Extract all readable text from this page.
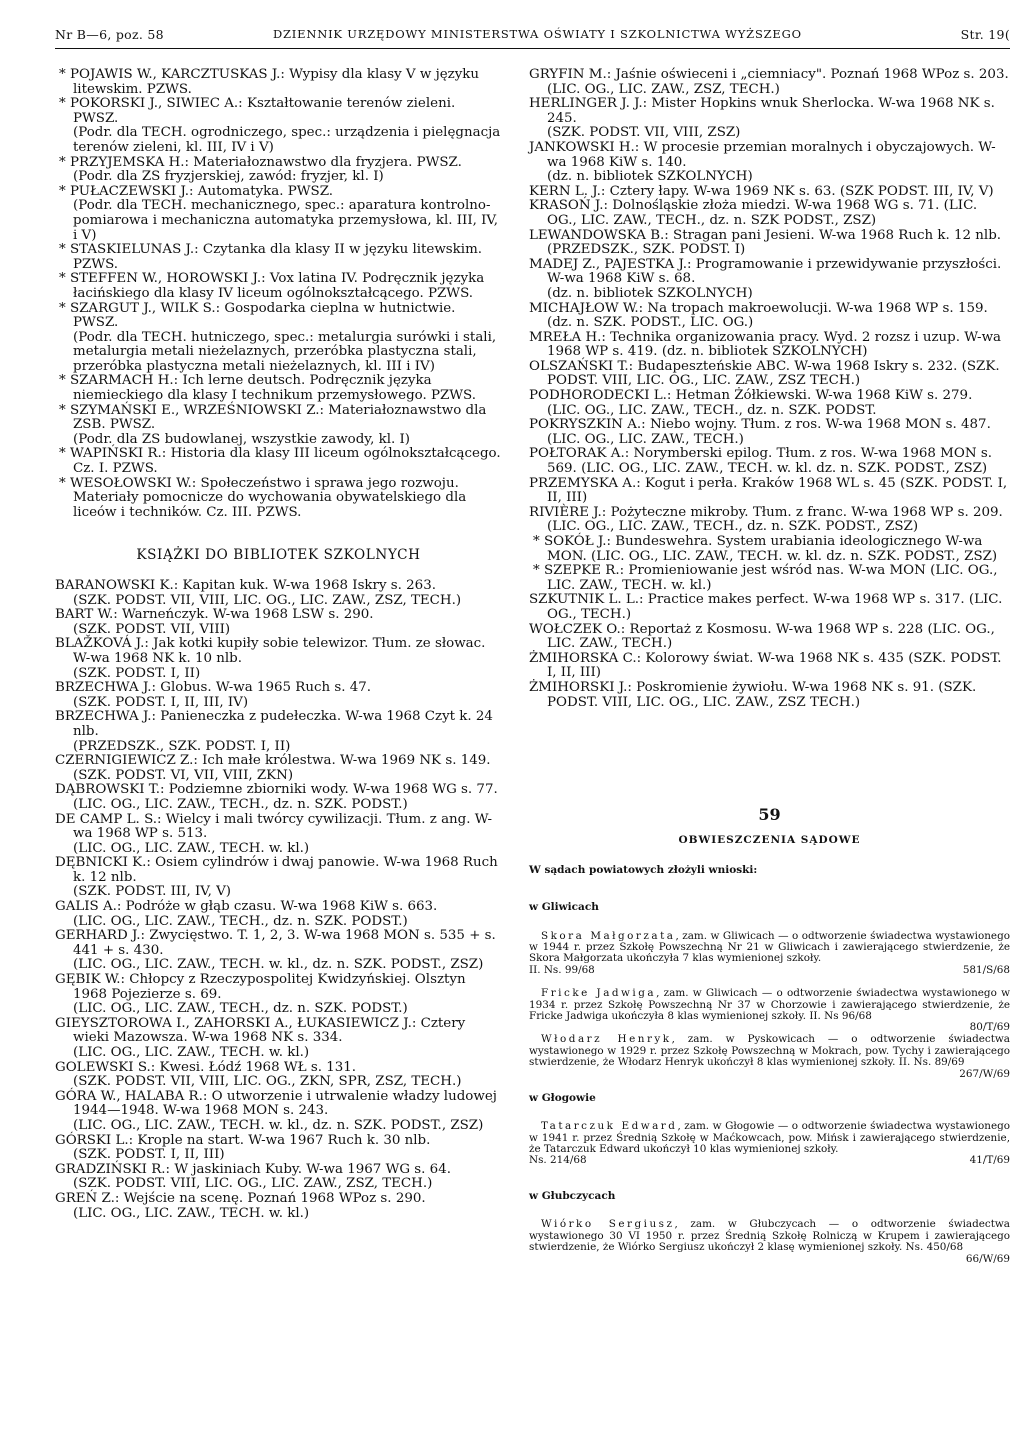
Nr B—6, poz. 58	DZIENNIK URZĘDOWY MINISTERSTWA OŚWIATY I SZKOLNICTWA WYŻSZEGO	Str. 19(

* POJAWIS W., KARCZTUSKAS J.: Wypisy dla klasy V w języku litewskim. PZWS.

* POKORSKI J., SIWIEC A.: Kształtowanie terenów zieleni. PWSZ.

(Podr. dla TECH. ogrodniczego, spec.: urządzenia i pielęgnacja terenów zieleni, kl. III, IV i V)

* PRZYJEMSKA H.: Materiałoznawstwo dla fryzjera. PWSZ.

(Podr. dla ZS fryzjerskiej, zawód: fryzjer, kl. I)

* PUŁACZEWSKI J.: Automatyka. PWSZ.

(Podr. dla TECH. mechanicznego, spec.: aparatura kontrolno-pomiarowa i mechaniczna automatyka przemysłowa, kl. III, IV, i V)

* STASKIELUNAS J.: Czytanka dla klasy II w języku litewskim. PZWS.

* STEFFEN W., HOROWSKI J.: Vox latina IV. Podręcznik języka łacińskiego dla klasy IV liceum ogólnokształcącego. PZWS.

* SZARGUT J., WILK S.: Gospodarka cieplna w hutnictwie. PWSZ.

(Podr. dla TECH. hutniczego, spec.: metalurgia surówki i stali, metalurgia metali nieżelaznych, przeróbka plastyczna stali, przeróbka plastyczna metali nieżelaznych, kl. III i IV)

* SZARMACH H.: Ich lerne deutsch. Podręcznik języka niemieckiego dla klasy I technikum przemysłowego. PZWS.

* SZYMAŃSKI E., WRZEŚNIOWSKI Z.: Materiałoznawstwo dla ZSB. PWSZ.

(Podr. dla ZS budowlanej, wszystkie zawody, kl. I)

* WAPIŃSKI R.: Historia dla klasy III liceum ogólnokształcącego. Cz. I. PZWS.

* WESOŁOWSKI W.: Społeczeństwo i sprawa jego rozwoju. Materiały pomocnicze do wychowania obywatelskiego dla liceów i techników. Cz. III. PZWS.

KSIĄŻKI DO BIBLIOTEK SZKOLNYCH

BARANOWSKI K.: Kapitan kuk. W-wa 1968 Iskry s. 263.

(SZK. PODST. VII, VIII, LIC. OG., LIC. ZAW., ZSZ, TECH.)

BART W.: Warneńczyk. W-wa 1968 LSW s. 290.

(SZK. PODST. VII, VIII)

BLAŽKOVÁ J.: Jak kotki kupiły sobie telewizor. Tłum. ze słowac. W-wa 1968 NK k. 10 nlb.

(SZK. PODST. I, II)

BRZECHWA J.: Globus. W-wa 1965 Ruch s. 47.

(SZK. PODST. I, II, III, IV)

BRZECHWA J.: Panieneczka z pudełeczka. W-wa 1968 Czyt k. 24 nlb.

(PRZEDSZK., SZK. PODST. I, II)

CZERNIGIEWICZ Z.: Ich małe królestwa. W-wa 1969 NK s. 149.

(SZK. PODST. VI, VII, VIII, ZKN)

DĄBROWSKI T.: Podziemne zbiorniki wody. W-wa 1968 WG s. 77.

(LIC. OG., LIC. ZAW., TECH., dz. n. SZK. PODST.)

DE CAMP L. S.: Wielcy i mali twórcy cywilizacji. Tłum. z ang. W-wa 1968 WP s. 513.

(LIC. OG., LIC. ZAW., TECH. w. kl.)

DĘBNICKI K.: Osiem cylindrów i dwaj panowie. W-wa 1968 Ruch k. 12 nlb.

(SZK. PODST. III, IV, V)

GALIS A.: Podróże w głąb czasu. W-wa 1968 KiW s. 663.

(LIC. OG., LIC. ZAW., TECH., dz. n. SZK. PODST.)

GERHARD J.: Zwycięstwo. T. 1, 2, 3. W-wa 1968 MON s. 535 + s. 441 + s. 430.

(LIC. OG., LIC. ZAW., TECH. w. kl., dz. n. SZK. PODST., ZSZ)

GĘBIK W.: Chłopcy z Rzeczypospolitej Kwidzyńskiej. Olsztyn 1968 Pojezierze s. 69.

(LIC. OG., LIC. ZAW., TECH., dz. n. SZK. PODST.)

GIEYSZTOROWA I., ZAHORSKI A., ŁUKASIEWICZ J.: Cztery wieki Mazowsza. W-wa 1968 NK s. 334.

(LIC. OG., LIC. ZAW., TECH. w. kl.)

GOLEWSKI S.: Kwesi. Łódź 1968 WŁ s. 131.

(SZK. PODST. VII, VIII, LIC. OG., ZKN, SPR, ZSZ, TECH.)

GÓRA W., HALABA R.: O utworzenie i utrwalenie władzy ludowej 1944—1948. W-wa 1968 MON s. 243.

(LIC. OG., LIC. ZAW., TECH. w. kl., dz. n. SZK. PODST., ZSZ)

GÓRSKI L.: Krople na start. W-wa 1967 Ruch k. 30 nlb.

(SZK. PODST. I, II, III)

GRADZIŃSKI R.: W jaskiniach Kuby. W-wa 1967 WG s. 64.

(SZK. PODST. VIII, LIC. OG., LIC. ZAW., ZSZ, TECH.)

GREŃ Z.: Wejście na scenę. Poznań 1968 WPoz s. 290.

(LIC. OG., LIC. ZAW., TECH. w. kl.)

GRYFIN M.: Jaśnie oświeceni i „ciemniacy". Poznań 1968 WPoz s. 203.

(LIC. OG., LIC. ZAW., ZSZ, TECH.)

HERLINGER J. J.: Mister Hopkins wnuk Sherlocka. W-wa 1968 NK s. 245.

(SZK. PODST. VII, VIII, ZSZ)

JANKOWSKI H.: W procesie przemian moralnych i obyczajowych. W-wa 1968 KiW s. 140.

(dz. n. bibliotek SZKOLNYCH)

KERN L. J.: Cztery łapy. W-wa 1969 NK s. 63. (SZK PODST. III, IV, V)

KRASOŃ J.: Dolnośląskie złoża miedzi. W-wa 1968 WG s. 71. (LIC. OG., LIC. ZAW., TECH., dz. n. SZK PODST., ZSZ)

LEWANDOWSKA B.: Stragan pani Jesieni. W-wa 1968 Ruch k. 12 nlb. (PRZEDSZK., SZK. PODST. I)

MADEJ Z., PAJESTKA J.: Programowanie i przewidywanie przyszłości. W-wa 1968 KiW s. 68.

(dz. n. bibliotek SZKOLNYCH)

MICHAJŁOW W.: Na tropach makroewolucji. W-wa 1968 WP s. 159. (dz. n. SZK. PODST., LIC. OG.)

MREŁA H.: Technika organizowania pracy. Wyd. 2 rozsz i uzup. W-wa 1968 WP s. 419. (dz. n. bibliotek SZKOLNYCH)

OLSZAŃSKI T.: Budapeszteńskie ABC. W-wa 1968 Iskry s. 232. (SZK. PODST. VIII, LIC. OG., LIC. ZAW., ZSZ TECH.)

PODHORODECKI L.: Hetman Żółkiewski. W-wa 1968 KiW s. 279. (LIC. OG., LIC. ZAW., TECH., dz. n. SZK. PODST.

POKRYSZKIN A.: Niebo wojny. Tłum. z ros. W-wa 1968 MON s. 487. (LIC. OG., LIC. ZAW., TECH.)

POŁTORAK A.: Norymberski epilog. Tłum. z ros. W-wa 1968 MON s. 569. (LIC. OG., LIC. ZAW., TECH. w. kl. dz. n. SZK. PODST., ZSZ)

PRZEMYSKA A.: Kogut i perła. Kraków 1968 WL s. 45 (SZK. PODST. I, II, III)

RIVIÈRE J.: Pożyteczne mikroby. Tłum. z franc. W-wa 1968 WP s. 209. (LIC. OG., LIC. ZAW., TECH., dz. n. SZK. PODST., ZSZ)

* SOKÓŁ J.: Bundeswehra. System urabiania ideologicznego W-wa MON. (LIC. OG., LIC. ZAW., TECH. w. kl. dz. n. SZK. PODST., ZSZ)

* SZEPKE R.: Promieniowanie jest wśród nas. W-wa MON (LIC. OG., LIC. ZAW., TECH. w. kl.)

SZKUTNIK L. L.: Practice makes perfect. W-wa 1968 WP s. 317. (LIC. OG., TECH.)

WOŁCZEK O.: Reportaż z Kosmosu. W-wa 1968 WP s. 228 (LIC. OG., LIC. ZAW., TECH.)

ŻMIHORSKA C.: Kolorowy świat. W-wa 1968 NK s. 435 (SZK. PODST. I, II, III)

ŻMIHORSKI J.: Poskromienie żywiołu. W-wa 1968 NK s. 91. (SZK. PODST. VIII, LIC. OG., LIC. ZAW., ZSZ TECH.)

59
OBWIESZCZENIA SĄDOWE
W sądach powiatowych złożyli wnioski:
w Gliwicach

Skora Małgorzata, zam. w Gliwicach — o odtworzenie świadectwa wystawionego w 1944 r. przez Szkołę Powszechną Nr 21 w Gliwicach i zawierającego stwierdzenie, że Skora Małgorzata ukończyła 7 klas wymienionej szkoły.
II. Ns. 99/68	581/S/68

Fricke Jadwiga, zam. w Gliwicach — o odtworzenie świadectwa wystawionego w 1934 r. przez Szkołę Powszechną Nr 37 w Chorzowie i zawierającego stwierdzenie, że Fricke Jadwiga ukończyła 8 klas wymienionej szkoły. II. Ns 96/68
80/T/69

Włodarz Henryk, zam. w Pyskowicach — o odtworzenie świadectwa wystawionego w 1929 r. przez Szkołę Powszechną w Mokrach, pow. Tychy i zawierającego stwierdzenie, że Włodarz Henryk ukończył 8 klas wymienionej szkoły. II. Ns. 89/69
267/W/69

w Głogowie

Tatarczuk Edward, zam. w Głogowie — o odtworzenie świadectwa wystawionego w 1941 r. przez Średnią Szkołę w Maćkowcach, pow. Mińsk i zawierającego stwierdzenie, że Tatarczuk Edward ukończył 10 klas wymienionej szkoły.
Ns. 214/68	41/T/69

w Głubczycach

Wiórko Sergiusz, zam. w Głubczycach — o odtworzenie świadectwa wystawionego 30 VI 1950 r. przez Średnią Szkołę Rolniczą w Krupem i zawierającego stwierdzenie, że Wiórko Sergiusz ukończył 2 klasę wymienionej szkoły. Ns. 450/68
66/W/69
